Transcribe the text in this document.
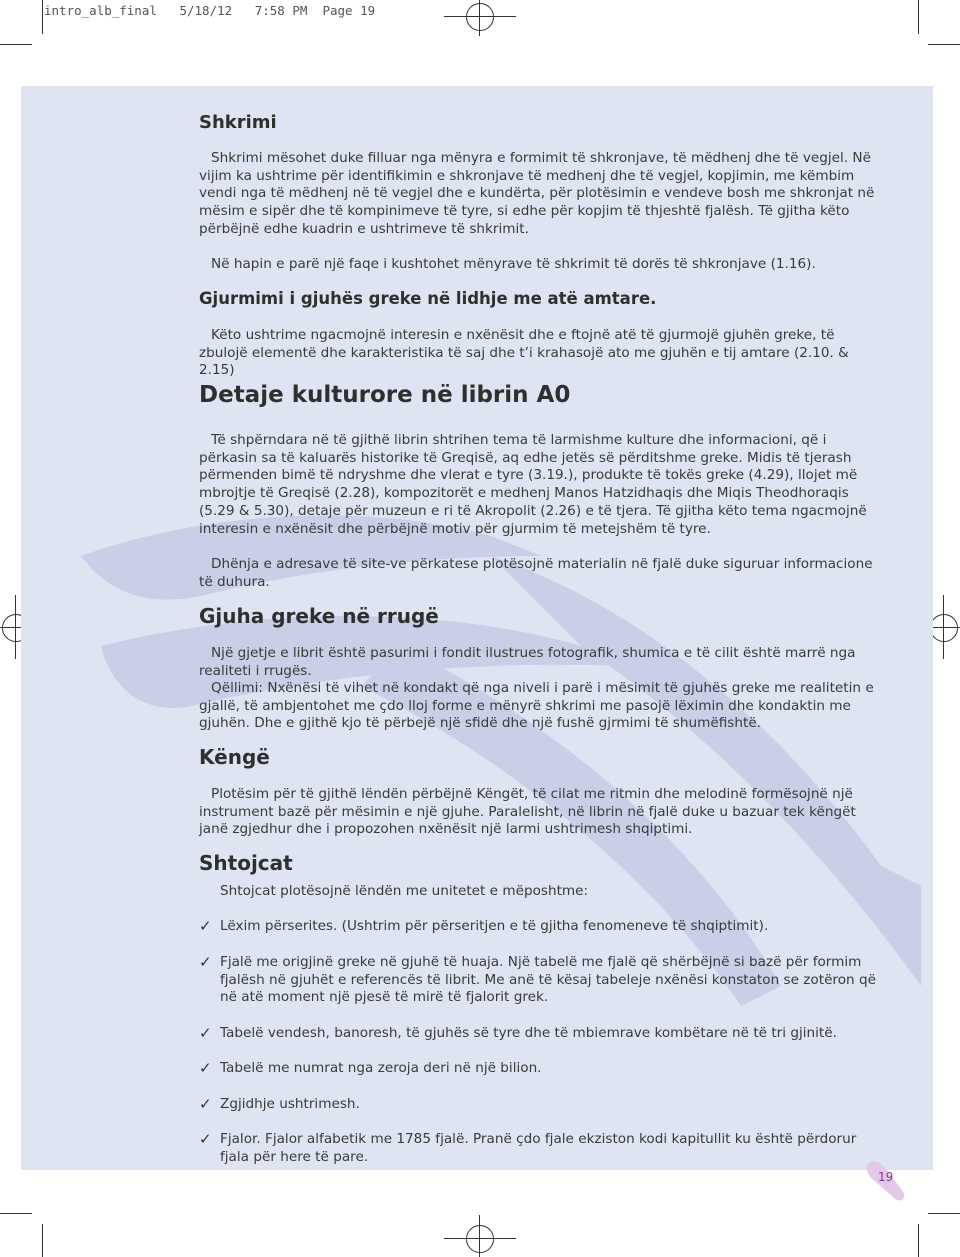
intro_alb_final 5/18/12 7:58 PM Page 19
Shkrimi

Shkrimi mësohet duke filluar nga mënyra e formimit të shkronjave, të mëdhenj dhe të vegjel. Në vijim ka ushtrime për identifikimin e shkronjave të medhenj dhe të vegjel, kopjimin, me këmbim vendi nga të mëdhenj në të vegjel dhe e kundërta, për plotësimin e vendeve bosh me shkronjat në mësim e sipër dhe të kompinimeve të tyre, si edhe për kopjim të thjeshtë fjalësh. Të gjitha këto përbëjnë edhe kuadrin e ushtrimeve të shkrimit.

Në hapin e parë një faqe i kushtohet mënyrave të shkrimit të dorës të shkronjave (1.16).

Gjurmimi i gjuhës greke në lidhje me atë amtare.

Këto ushtrime ngacmojnë interesin e nxënësit dhe e ftojnë atë të gjurmojë gjuhën greke, të zbulojë elementë dhe karakteristika të saj dhe t’i krahasojë ato me gjuhën e tij amtare (2.10. & 2.15)

Detaje kulturore në librin A0

Të shpërndara në të gjithë librin shtrihen tema të larmishme kulture dhe informacioni, që i përkasin sa të kaluarës historike të Greqisë, aq edhe jetës së përditshme greke. Midis të tjerash përmenden bimë të ndryshme dhe vlerat e tyre (3.19.), produkte të tokës greke (4.29), llojet më mbrojtje të Greqisë (2.28), kompozitorët e medhenj Manos Hatzidhaqis dhe Miqis Theodhoraqis (5.29 & 5.30), detaje për muzeun e ri të Akropolit (2.26) e të tjera. Të gjitha këto tema ngacmojnë interesin e nxënësit dhe përbëjnë motiv për gjurmim të metejshëm të tyre.

Dhënja e adresave të site-ve përkatese plotësojnë materialin në fjalë duke siguruar informacione të duhura.

Gjuha greke në rrugë

Një gjetje e librit është pasurimi i fondit ilustrues fotografik, shumica e të cilit është marrë nga realiteti i rrugës.

Qëllimi: Nxënësi të vihet në kondakt që nga niveli i parë i mësimit të gjuhës greke me realitetin e gjallë, të ambjentohet me çdo lloj forme e mënyrë shkrimi me pasojë lëximin dhe kondaktin me gjuhën. Dhe e gjithë kjo të përbejë një sfidë dhe një fushë gjrmimi të shumëfishtë.

Këngë

Plotësim për të gjithë lëndën përbëjnë Këngët, të cilat me ritmin dhe melodinë formësojnë një instrument bazë për mësimin e një gjuhe. Paralelisht, në librin në fjalë duke u bazuar tek këngët janë zgjedhur dhe i propozohen nxënësit një larmi ushtrimesh shqiptimi.

Shtojcat

Shtojcat plotësojnë lëndën me unitetet e mëposhtme:

✓ Lëxim përserites. (Ushtrim për përseritjen e të gjitha fenomeneve të shqiptimit).

✓ Fjalë me origjinë greke në gjuhë të huaja. Një tabelë me fjalë që shërbëjnë si bazë për formim fjalësh në gjuhët e referencës të librit. Me anë të kësaj tabeleje nxënësi konstaton se zotëron që në atë moment një pjesë të mirë të fjalorit grek.

✓ Tabelë vendesh, banoresh, të gjuhës së tyre dhe të mbiemrave kombëtare në të tri gjinitë.

✓ Tabelë me numrat nga zeroja deri në një bilion.

✓ Zgjidhje ushtrimesh.

✓ Fjalor. Fjalor alfabetik me 1785 fjalë. Pranë çdo fjale ekziston kodi kapitullit ku është përdorur fjala për here të pare.

19
